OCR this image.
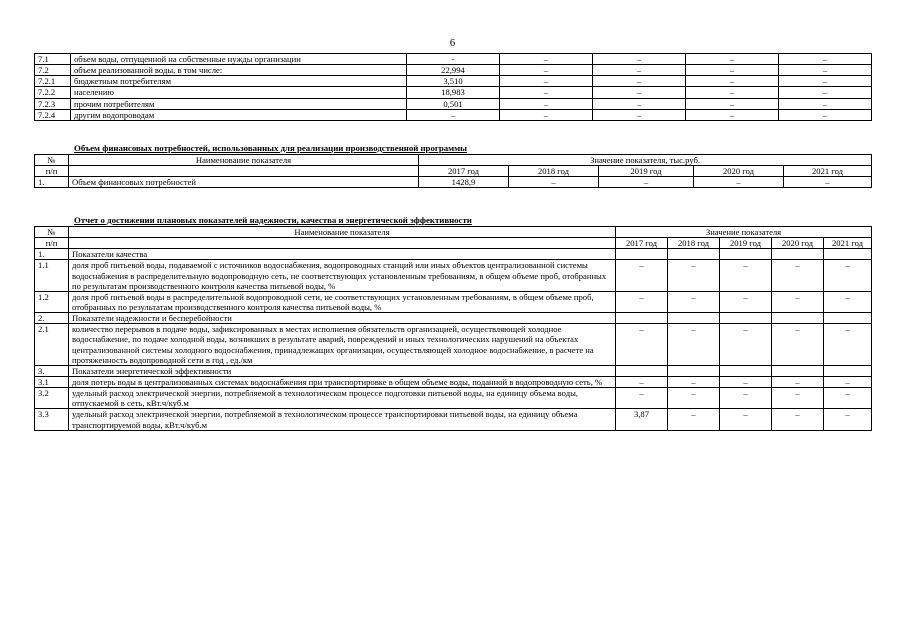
6
7.1	объем воды, отпущенной на собственные нужды организации	-	–	–	–	–
7.2	объем реализованной воды, в том числе:	22,994	–	–	–	–
7.2.1	бюджетным потребителям	3,510	–	–	–	–
7.2.2	населению	18,983	–	–	–	–
7.2.3	прочим потребителям	0,501	–	–	–	–
7.2.4	другим водопроводам	–	–	–	–	–
Объем финансовых потребностей, использованных для реализации производственной программы
№	Наименование показателя	Значение показателя, тыс.руб.				
п/п		2017 год	2018 год	2019 год	2020 год	2021 год
1.	Объем финансовых потребностей	1428,9	–	–	–	–
Отчет о достижении плановых показателей надежности, качества и энергетической эффективности
№	Наименование показателя	Значение показателя				
п/п		2017 год	2018 год	2019 год	2020 год	2021 год
1.	Показатели качества					
1.1	доля проб питьевой воды, подаваемой с источников водоснабжения, водопроводных станций или иных объектов централизованной системы водоснабжения в распределительную водопроводную сеть, не соответствующих установленным требованиям, в общем объеме проб, отобранных по результатам производственного контроля качества питьевой воды, %	–	–	–	–	–
1.2	доля проб питьевой воды в распределительной водопроводной сети, не соответствующих установленным требованиям, в общем объеме проб, отобранных по результатам производственного контроля качества питьевой воды, %	–	–	–	–	–
2.	Показатели надежности и бесперебойности					
2.1	количество перерывов в подаче воды, зафиксированных в местах исполнения обязательств организацией, осуществляющей холодное водоснабжение, по подаче холодной воды, возникших в результате аварий, повреждений и иных технологических нарушений на объектах централизованной системы холодного водоснабжения, принадлежащих организации, осуществляющей холодное водоснабжение, в расчете на протяженность водопроводной сети в год , ед./км	–	–	–	–	–
3.	Показатели энергетической эффективности					
3.1	доля потерь воды в централизованных системах водоснабжения при транспортировке в общем объеме воды, поданной в водопроводную сеть, %	–	–	–	–	–
3.2	удельный расход электрической энергии, потребляемой в технологическом процессе подготовки питьевой воды, на единицу объема воды, отпускаемой в сеть, кВт.ч/куб.м	–	–	–	–	–
3.3	удельный расход электрической энергии, потребляемой в технологическом процессе транспортировки питьевой воды, на единицу объема транспортируемой воды, кВт.ч/куб.м	3,87	–	–	–	–
